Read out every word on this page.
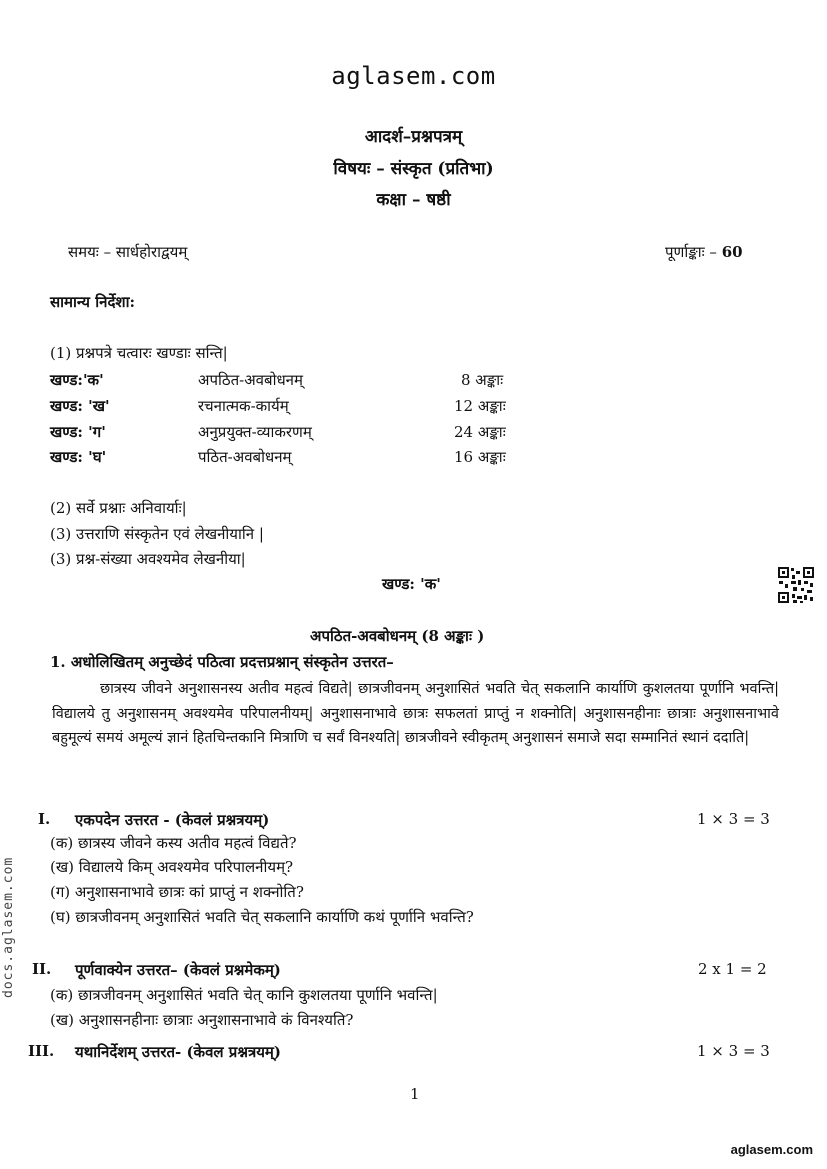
aglasem.com
आदर्श–प्रश्नपत्रम्
विषयः – संस्कृत (प्रतिभा)
कक्षा – षष्ठी
समयः – सार्धहोराद्वयम्	पूर्णाङ्काः – 60
सामान्य निर्देशा:
(1) प्रश्नपत्रे चत्वारः खण्डाः सन्ति|
खण्ड:'क'	अपठित-अवबोधनम्	8 अङ्काः
खण्ड: 'ख'	रचनात्मक-कार्यम्	12 अङ्काः
खण्ड: 'ग'	अनुप्रयुक्त-व्याकरणम्	24 अङ्काः
खण्ड: 'घ'	पठित-अवबोधनम्	16 अङ्काः
(2) सर्वे प्रश्नाः अनिवार्याः|
(3) उत्तराणि संस्कृतेन एवं लेखनीयानि |
(3) प्रश्न-संख्या अवश्यमेव लेखनीया|
खण्ड: 'क'
अपठित-अवबोधनम् (8 अङ्काः )
1. अधोलिखितम् अनुच्छेदं पठित्वा प्रदत्तप्रश्नान् संस्कृतेन उत्तरत–
छात्रस्य जीवने अनुशासनस्य अतीव महत्वं विद्यते| छात्रजीवनम् अनुशासितं भवति चेत् सकलानि कार्याणि कुशलतया पूर्णानि भवन्ति| विद्यालये तु अनुशासनम् अवश्यमेव परिपालनीयम्| अनुशासनाभावे छात्रः सफलतां प्राप्तुं न शक्नोति| अनुशासनहीनाः छात्राः अनुशासनाभावे बहुमूल्यं समयं अमूल्यं ज्ञानं हितचिन्तकानि मित्राणि च सर्वं विनश्यति| छात्रजीवने स्वीकृतम् अनुशासनं समाजे सदा सम्मानितं स्थानं ददाति|
I. एकपदेन उत्तरत - (केवलं प्रश्नत्रयम्)	1 × 3 = 3
(क) छात्रस्य जीवने कस्य अतीव महत्वं विद्यते?
(ख) विद्यालये किम् अवश्यमेव परिपालनीयम्?
(ग) अनुशासनाभावे छात्रः कां प्राप्तुं न शक्नोति?
(घ) छात्रजीवनम् अनुशासितं भवति चेत् सकलानि कार्याणि कथं पूर्णानि भवन्ति?
II. पूर्णवाक्येन उत्तरत– (केवलं प्रश्नमेकम्)	2 x 1 = 2
(क) छात्रजीवनम् अनुशासितं भवति चेत् कानि कुशलतया पूर्णानि भवन्ति|
(ख) अनुशासनहीनाः छात्राः अनुशासनाभावे कं विनश्यति?
III. यथानिर्देशम् उत्तरत- (केवल प्रश्नत्रयम्)	1 × 3 = 3
1
aglasem.com
docs.aglasem.com
